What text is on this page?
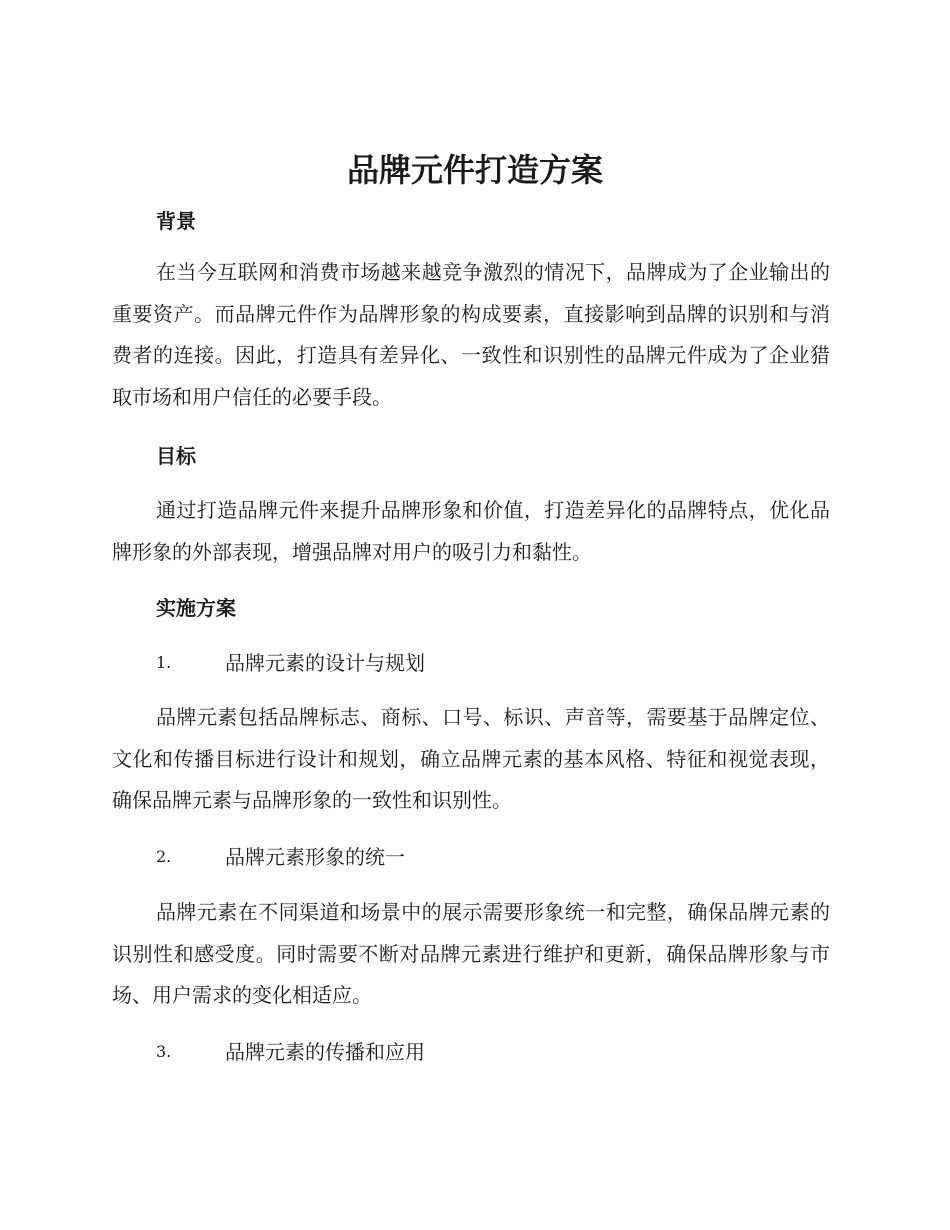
品牌元件打造方案
背景

在当今互联网和消费市场越来越竞争激烈的情况下，品牌成为了企业输出的重要资产。而品牌元件作为品牌形象的构成要素，直接影响到品牌的识别和与消费者的连接。因此，打造具有差异化、一致性和识别性的品牌元件成为了企业猎取市场和用户信任的必要手段。

目标

通过打造品牌元件来提升品牌形象和价值，打造差异化的品牌特点，优化品牌形象的外部表现，增强品牌对用户的吸引力和黏性。

实施方案
1.	品牌元素的设计与规划

品牌元素包括品牌标志、商标、口号、标识、声音等，需要基于品牌定位、文化和传播目标进行设计和规划，确立品牌元素的基本风格、特征和视觉表现，确保品牌元素与品牌形象的一致性和识别性。

2.	品牌元素形象的统一

品牌元素在不同渠道和场景中的展示需要形象统一和完整，确保品牌元素的识别性和感受度。同时需要不断对品牌元素进行维护和更新，确保品牌形象与市场、用户需求的变化相适应。

3.	品牌元素的传播和应用
